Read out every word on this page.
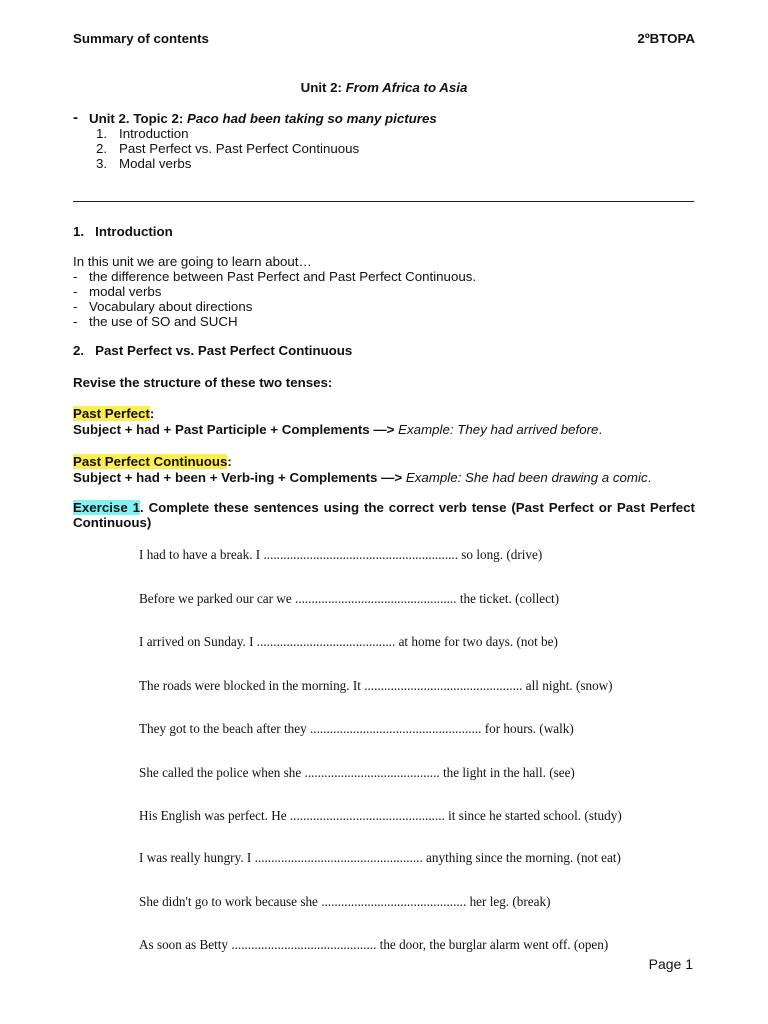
Summary of contents	2ºBTOPA
Unit 2: From Africa to Asia
- Unit 2. Topic 2: Paco had been taking so many pictures
1. Introduction
2. Past Perfect vs. Past Perfect Continuous
3. Modal verbs
1.   Introduction
In this unit we are going to learn about…
- the difference between Past Perfect and Past Perfect Continuous.
- modal verbs
- Vocabulary about directions
- the use of SO and SUCH
2.   Past Perfect vs. Past Perfect Continuous
Revise the structure of these two tenses:
Past Perfect:
Subject + had + Past Participle + Complements —> Example: They had arrived before.
Past Perfect Continuous:
Subject + had + been + Verb-ing + Complements —> Example: She had been drawing a comic.
Exercise 1. Complete these sentences using the correct verb tense (Past Perfect or Past Perfect Continuous)
I had to have a break. I ........................................................... so long. (drive)
Before we parked our car we ................................................. the ticket. (collect)
I arrived on Sunday. I .......................................... at home for two days. (not be)
The roads were blocked in the morning. It ................................................ all night. (snow)
They got to the beach after they .................................................... for hours. (walk)
She called the police when she ......................................... the light in the hall. (see)
His English was perfect. He ............................................... it since he started school. (study)
I was really hungry. I ................................................... anything since the morning. (not eat)
She didn't go to work because she ............................................ her leg. (break)
As soon as Betty ............................................ the door, the burglar alarm went off. (open)
Page 1
